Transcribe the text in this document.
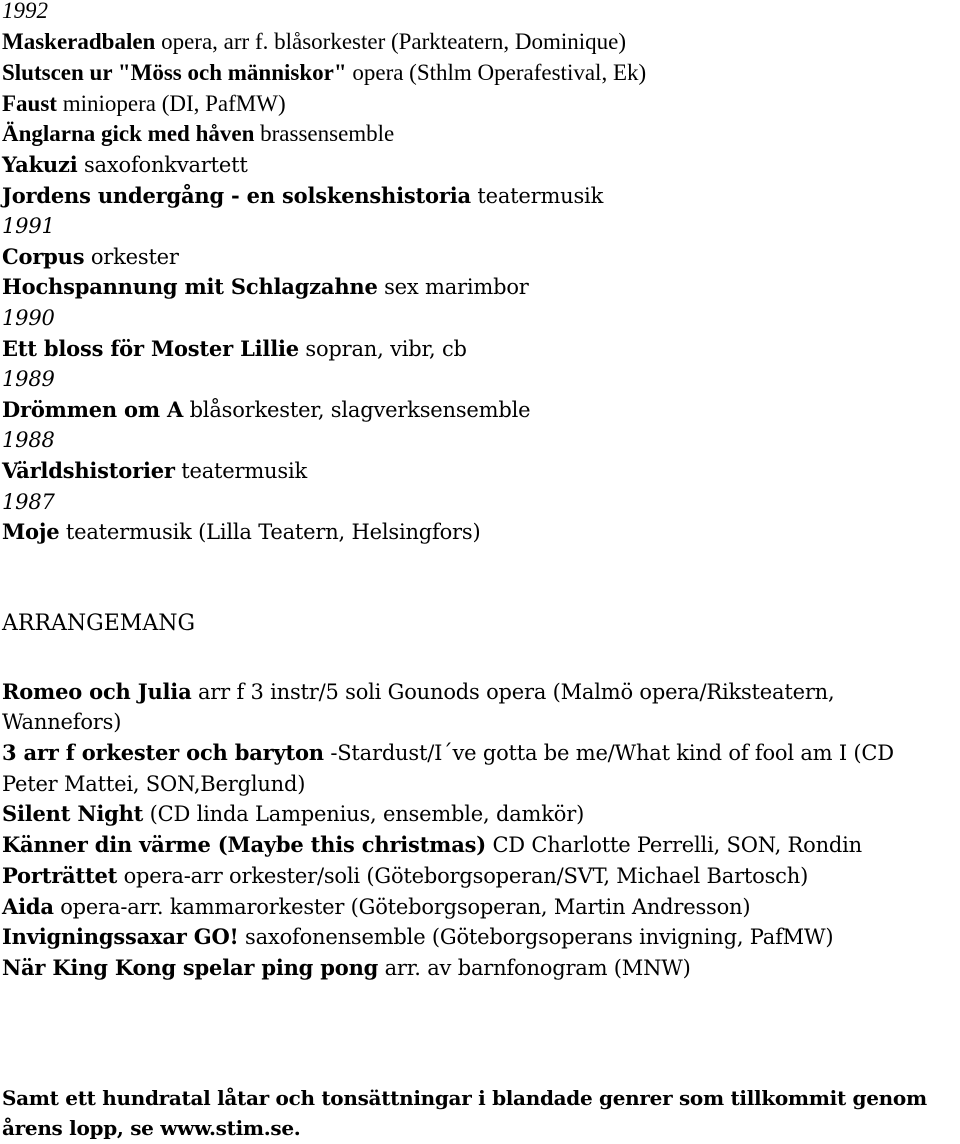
1992
Maskeradbalen opera, arr f. blåsorkester (Parkteatern, Dominique)
Slutscen ur "Möss och människor" opera (Sthlm Operafestival, Ek)
Faust miniopera (DI, PafMW)
Änglarna gick med håven brassensemble
Yakuzi saxofonkvartett
Jordens undergång - en solskenshistoria teatermusik
1991
Corpus orkester
Hochspannung mit Schlagzahne sex marimbor
1990
Ett bloss för Moster Lillie sopran, vibr, cb
1989
Drömmen om A blåsorkester, slagverksensemble
1988
Världshistorier teatermusik
1987
Moje teatermusik (Lilla Teatern, Helsingfors)
ARRANGEMANG
Romeo och Julia arr f 3 instr/5 soli Gounods opera (Malmö opera/Riksteatern,
Wannefors)
3 arr f orkester och baryton -Stardust/I´ve gotta be me/What kind of fool am I (CD
Peter Mattei, SON,Berglund)
Silent Night (CD linda Lampenius, ensemble, damkör)
Känner din värme (Maybe this christmas) CD Charlotte Perrelli, SON, Rondin
Porträttet opera-arr orkester/soli (Göteborgsoperan/SVT, Michael Bartosch)
Aida opera-arr. kammarorkester (Göteborgsoperan, Martin Andresson)
Invigningssaxar GO! saxofonensemble (Göteborgsoperans invigning, PafMW)
När King Kong spelar ping pong arr. av barnfonogram (MNW)
Samt ett hundratal låtar och tonsättningar i blandade genrer som tillkommit genom
årens lopp, se www.stim.se.
